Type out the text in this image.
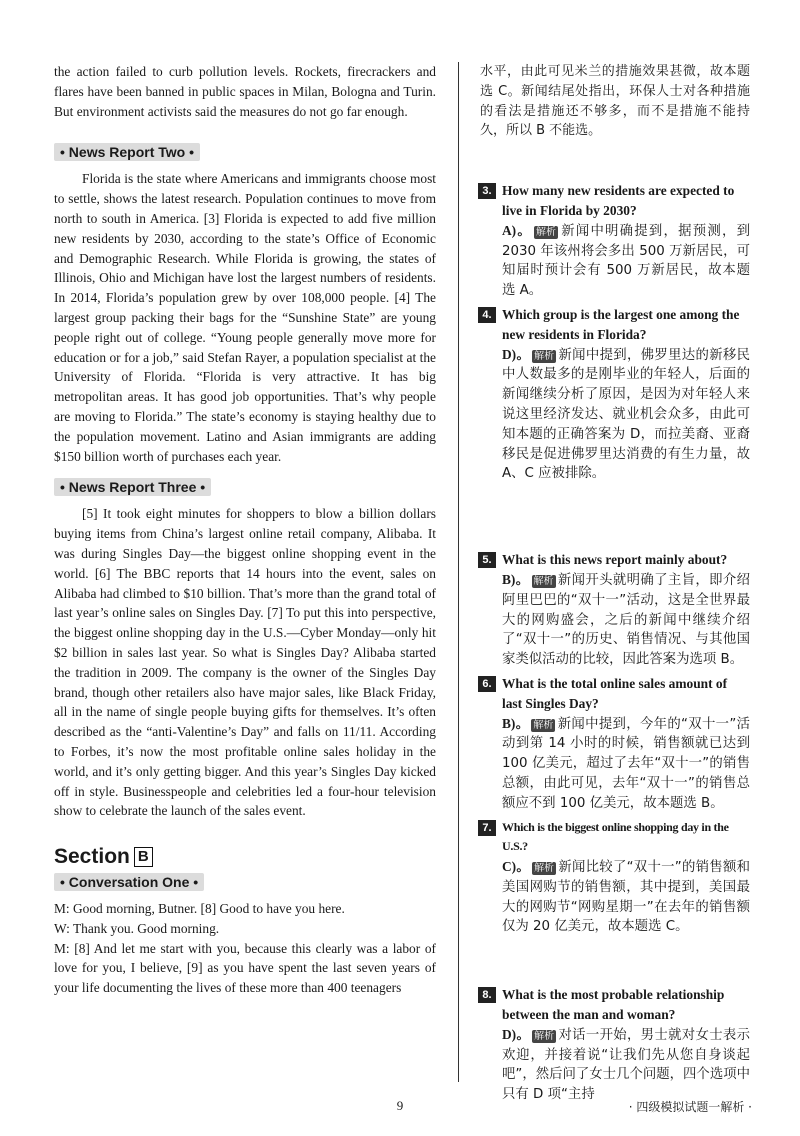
the action failed to curb pollution levels. Rockets, firecrackers and flares have been banned in public spaces in Milan, Bologna and Turin. But environment activists said the measures do not go far enough.

• News Report Two •

Florida is the state where Americans and immigrants choose most to settle, shows the latest research. Population continues to move from north to south in America. [3] Florida is expected to add five million new residents by 2030, according to the state’s Office of Economic and Demographic Research. While Florida is growing, the states of Illinois, Ohio and Michigan have lost the largest numbers of residents. In 2014, Florida’s population grew by over 108,000 people. [4] The largest group packing their bags for the “Sunshine State” are young people right out of college. “Young people generally move more for education or for a job,” said Stefan Rayer, a population specialist at the University of Florida. “Florida is very attractive. It has big metropolitan areas. It has good job opportunities. That’s why people are moving to Florida.” The state’s economy is staying healthy due to the population movement. Latino and Asian immigrants are adding $150 billion worth of purchases each year.

• News Report Three •

[5] It took eight minutes for shoppers to blow a billion dollars buying items from China’s largest online retail company, Alibaba. It was during Singles Day—the biggest online shopping event in the world. [6] The BBC reports that 14 hours into the event, sales on Alibaba had climbed to $10 billion. That’s more than the grand total of last year’s online sales on Singles Day. [7] To put this into perspective, the biggest online shopping day in the U.S.—Cyber Monday—only hit $2 billion in sales last year. So what is Singles Day? Alibaba started the tradition in 2009. The company is the owner of the Singles Day brand, though other retailers also have major sales, like Black Friday, all in the name of single people buying gifts for themselves. It’s often described as the “anti-Valentine’s Day” and falls on 11/11. According to Forbes, it’s now the most profitable online sales holiday in the world, and it’s only getting bigger. And this year’s Singles Day kicked off in style. Businesspeople and celebrities led a four-hour television show to celebrate the launch of the sales event.

Section B
• Conversation One •

M: Good morning, Butner. [8] Good to have you here.

W: Thank you. Good morning.

M: [8] And let me start with you, because this clearly was a labor of love for you, I believe, [9] as you have spent the last seven years of your life documenting the lives of these more than 400 teenagers

水平，由此可见米兰的措施效果甚微，故本题选 C。新闻结尾处指出，环保人士对各种措施的看法是措施还不够多，而不是措施不能持久，所以 B 不能选。

3. How many new residents are expected to live in Florida by 2030?

A)。 解析 新闻中明确提到，据预测，到 2030 年该州将会多出 500 万新居民，可知届时预计会有 500 万新居民，故本题选 A。

4. Which group is the largest one among the new residents in Florida?

D)。 解析 新闻中提到，佛罗里达的新移民中人数最多的是刚毕业的年轻人，后面的新闻继续分析了原因，是因为对年轻人来说这里经济发达、就业机会众多，由此可知本题的正确答案为 D，而拉美裔、亚裔移民是促进佛罗里达消费的有生力量，故 A、C 应被排除。

5. What is this news report mainly about?

B)。 解析 新闻开头就明确了主旨，即介绍阿里巴巴的“双十一”活动，这是全世界最大的网购盛会，之后的新闻中继续介绍了“双十一”的历史、销售情况、与其他国家类似活动的比较，因此答案为选项 B。

6. What is the total online sales amount of last Singles Day?

B)。 解析 新闻中提到，今年的“双十一”活动到第 14 小时的时候，销售额就已达到 100 亿美元，超过了去年“双十一”的销售总额，由此可见，去年“双十一”的销售总额应不到 100 亿美元，故本题选 B。

7. Which is the biggest online shopping day in the U.S.?

C)。 解析 新闻比较了“双十一”的销售额和美国网购节的销售额，其中提到，美国最大的网购节“网购星期一”在去年的销售额仅为 20 亿美元，故本题选 C。

8. What is the most probable relationship between the man and woman?

D)。 解析 对话一开始，男士就对女士表示欢迎，并接着说“让我们先从您自身谈起吧”，然后问了女士几个问题，四个选项中只有 D 项“主持

9	· 四级模拟试题一解析 ·
